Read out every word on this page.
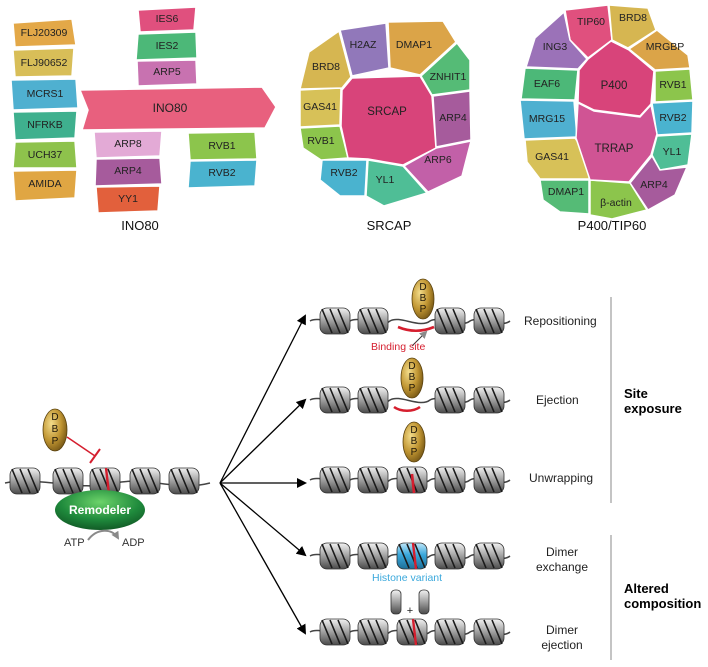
FLJ20309
FLJ90652
MCRS1
NFRKB
UCH37
AMIDA
IES6
IES2
ARP5
INO80
ARP8
ARP4
YY1
RVB1
RVB2
INO80
H2AZ DMAP1
ZNHIT1
ARP4
ARP6
YL1
RVB2
RVB1
GAS41
BRD8
SRCAP
SRCAP
TIP60 BRD8
MRGBP
RVB1
RVB2
YL1
ARP4
β-actin
DMAP1
GAS41
MRG15
EAF6
ING3
P400
TRRAP
P400/TIP60
D
B
P
Remodeler
ATP	ADP
D
B
P
D
B
P
D
B
P
Repositioning
Ejection
Unwrapping
Dimer exchange
Dimer ejection
Binding site
Histone variant
+
Site exposure
Altered composition
